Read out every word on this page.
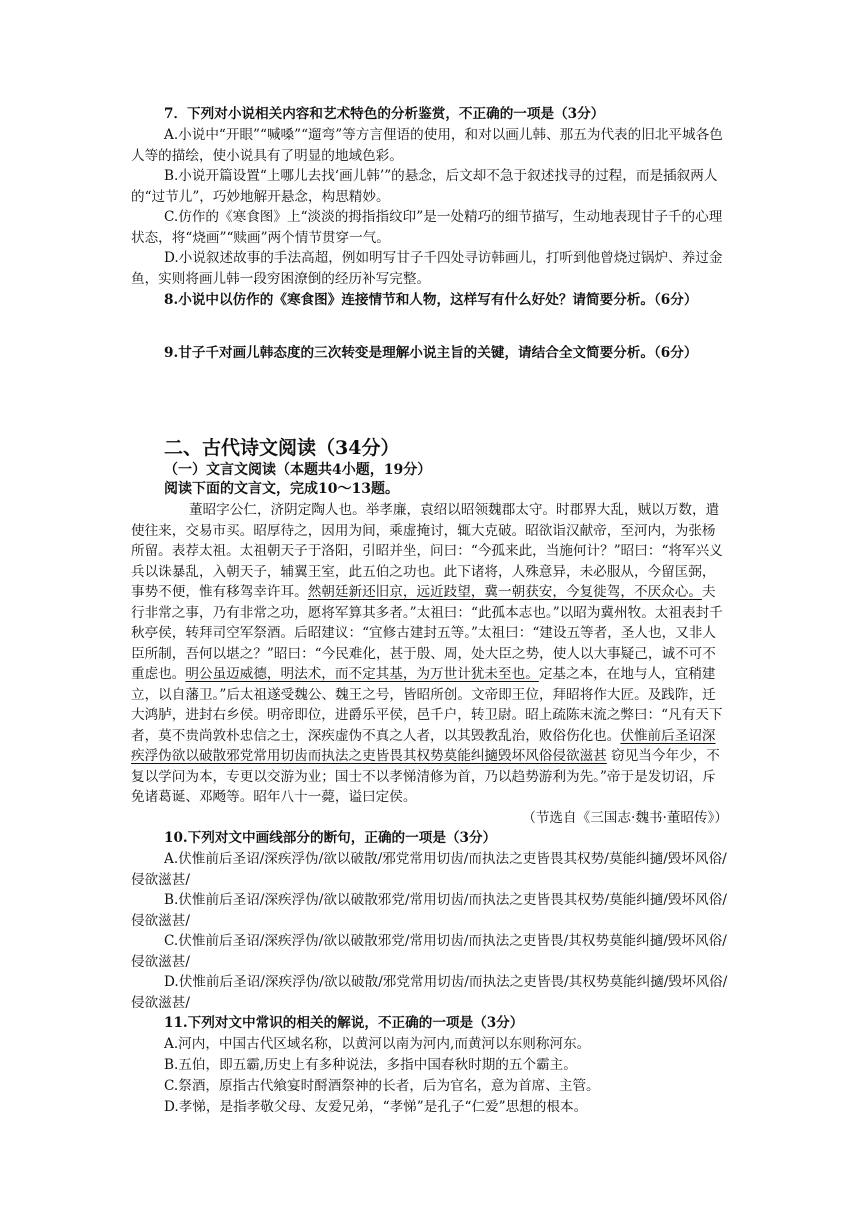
7．下列对小说相关内容和艺术特色的分析鉴赏，不正确的一项是（3分）
A.小说中“开眼”“喊嗓”“遛弯”等方言俚语的使用，和对以画儿韩、那五为代表的旧北平城各色人等的描绘，使小说具有了明显的地域色彩。
B.小说开篇设置“上哪儿去找‘画儿韩’”的悬念，后文却不急于叙述找寻的过程，而是插叙两人的“过节儿”，巧妙地解开悬念，构思精妙。
C.仿作的《寒食图》上“淡淡的拇指指纹印”是一处精巧的细节描写，生动地表现甘子千的心理状态，将“烧画”“赎画”两个情节贯穿一气。
D.小说叙述故事的手法高超，例如明写甘子千四处寻访韩画儿，打听到他曾烧过锅炉、养过金鱼，实则将画儿韩一段穷困潦倒的经历补写完整。
8.小说中以仿作的《寒食图》连接情节和人物，这样写有什么好处？请简要分析。（6分）
9.甘子千对画儿韩态度的三次转变是理解小说主旨的关键，请结合全文简要分析。（6分）
二、古代诗文阅读（34分）
（一）文言文阅读（本题共4小题，19分）
阅读下面的文言文，完成10～13题。
董昭字公仁，济阴定陶人也。举孝廉，袁绍以昭领魏郡太守。时郡界大乱，贼以万数，遣使往来，交易市买。昭厚待之，因用为间，乘虚掩讨，辄大克破。昭欲诣汉献帝，至河内，为张杨所留。表荐太祖。太祖朝天子于洛阳，引昭并坐，问曰：“今孤来此，当施何计？”昭曰：“将军兴义兵以诛暴乱，入朝天子，辅翼王室，此五伯之功也。此下诸将，人殊意异，未必服从，今留匡弼，事势不便，惟有移驾幸许耳。然朝廷新还旧京，远近跂望，冀一朝获安，今复徙驾，不厌众心。夫行非常之事，乃有非常之功，愿将军算其多者。”太祖曰：“此孤本志也。”以昭为冀州牧。太祖表封千秋亭侯，转拜司空军祭酒。后昭建议：“宜修古建封五等。”太祖曰：“建设五等者，圣人也，又非人臣所制，吾何以堪之？”昭曰：“今民难化，甚于殷、周，处大臣之势，使人以大事疑己，诚不可不重虑也。明公虽迈威德，明法术，而不定其基，为万世计犹未至也。定基之本，在地与人，宜稍建立，以自藩卫。”后太祖遂受魏公、魏王之号，皆昭所创。文帝即王位，拜昭将作大匠。及践阼，迁大鸿胪，进封右乡侯。明帝即位，进爵乐平侯，邑千户，转卫尉。昭上疏陈末流之弊曰：“凡有天下者，莫不贵尚敦朴忠信之士，深疾虚伪不真之人者，以其毁教乱治，败俗伤化也。伏惟前后圣诏深疾浮伪欲以破散邪党常用切齿而执法之吏皆畏其权势莫能纠擿毁坏风俗侵欲滋甚 窃见当今年少，不复以学问为本，专更以交游为业；国士不以孝悌清修为首，乃以趋势游利为先。”帝于是发切诏，斥免诸葛诞、邓飏等。昭年八十一薨，谥曰定侯。
（节选自《三国志·魏书·董昭传》）
10.下列对文中画线部分的断句，正确的一项是（3分）
A.伏惟前后圣诏/深疾浮伪/欲以破散/邪党常用切齿/而执法之吏皆畏其权势/莫能纠擿/毁坏风俗/侵欲滋甚/
B.伏惟前后圣诏/深疾浮伪/欲以破散邪党/常用切齿/而执法之吏皆畏其权势/莫能纠擿/毁坏风俗/侵欲滋甚/
C.伏惟前后圣诏/深疾浮伪/欲以破散邪党/常用切齿/而执法之吏皆畏/其权势莫能纠擿/毁坏风俗/侵欲滋甚/
D.伏惟前后圣诏/深疾浮伪/欲以破散/邪党常用切齿/而执法之吏皆畏/其权势莫能纠擿/毁坏风俗/侵欲滋甚/
11.下列对文中常识的相关的解说，不正确的一项是（3分）
A.河内，中国古代区域名称，以黄河以南为河内,而黄河以东则称河东。
B.五伯，即五霸,历史上有多种说法，多指中国春秋时期的五个霸主。
C.祭酒，原指古代飨宴时酹酒祭神的长者，后为官名，意为首席、主管。
D.孝悌，是指孝敬父母、友爱兄弟，“孝悌”是孔子“仁爱”思想的根本。
